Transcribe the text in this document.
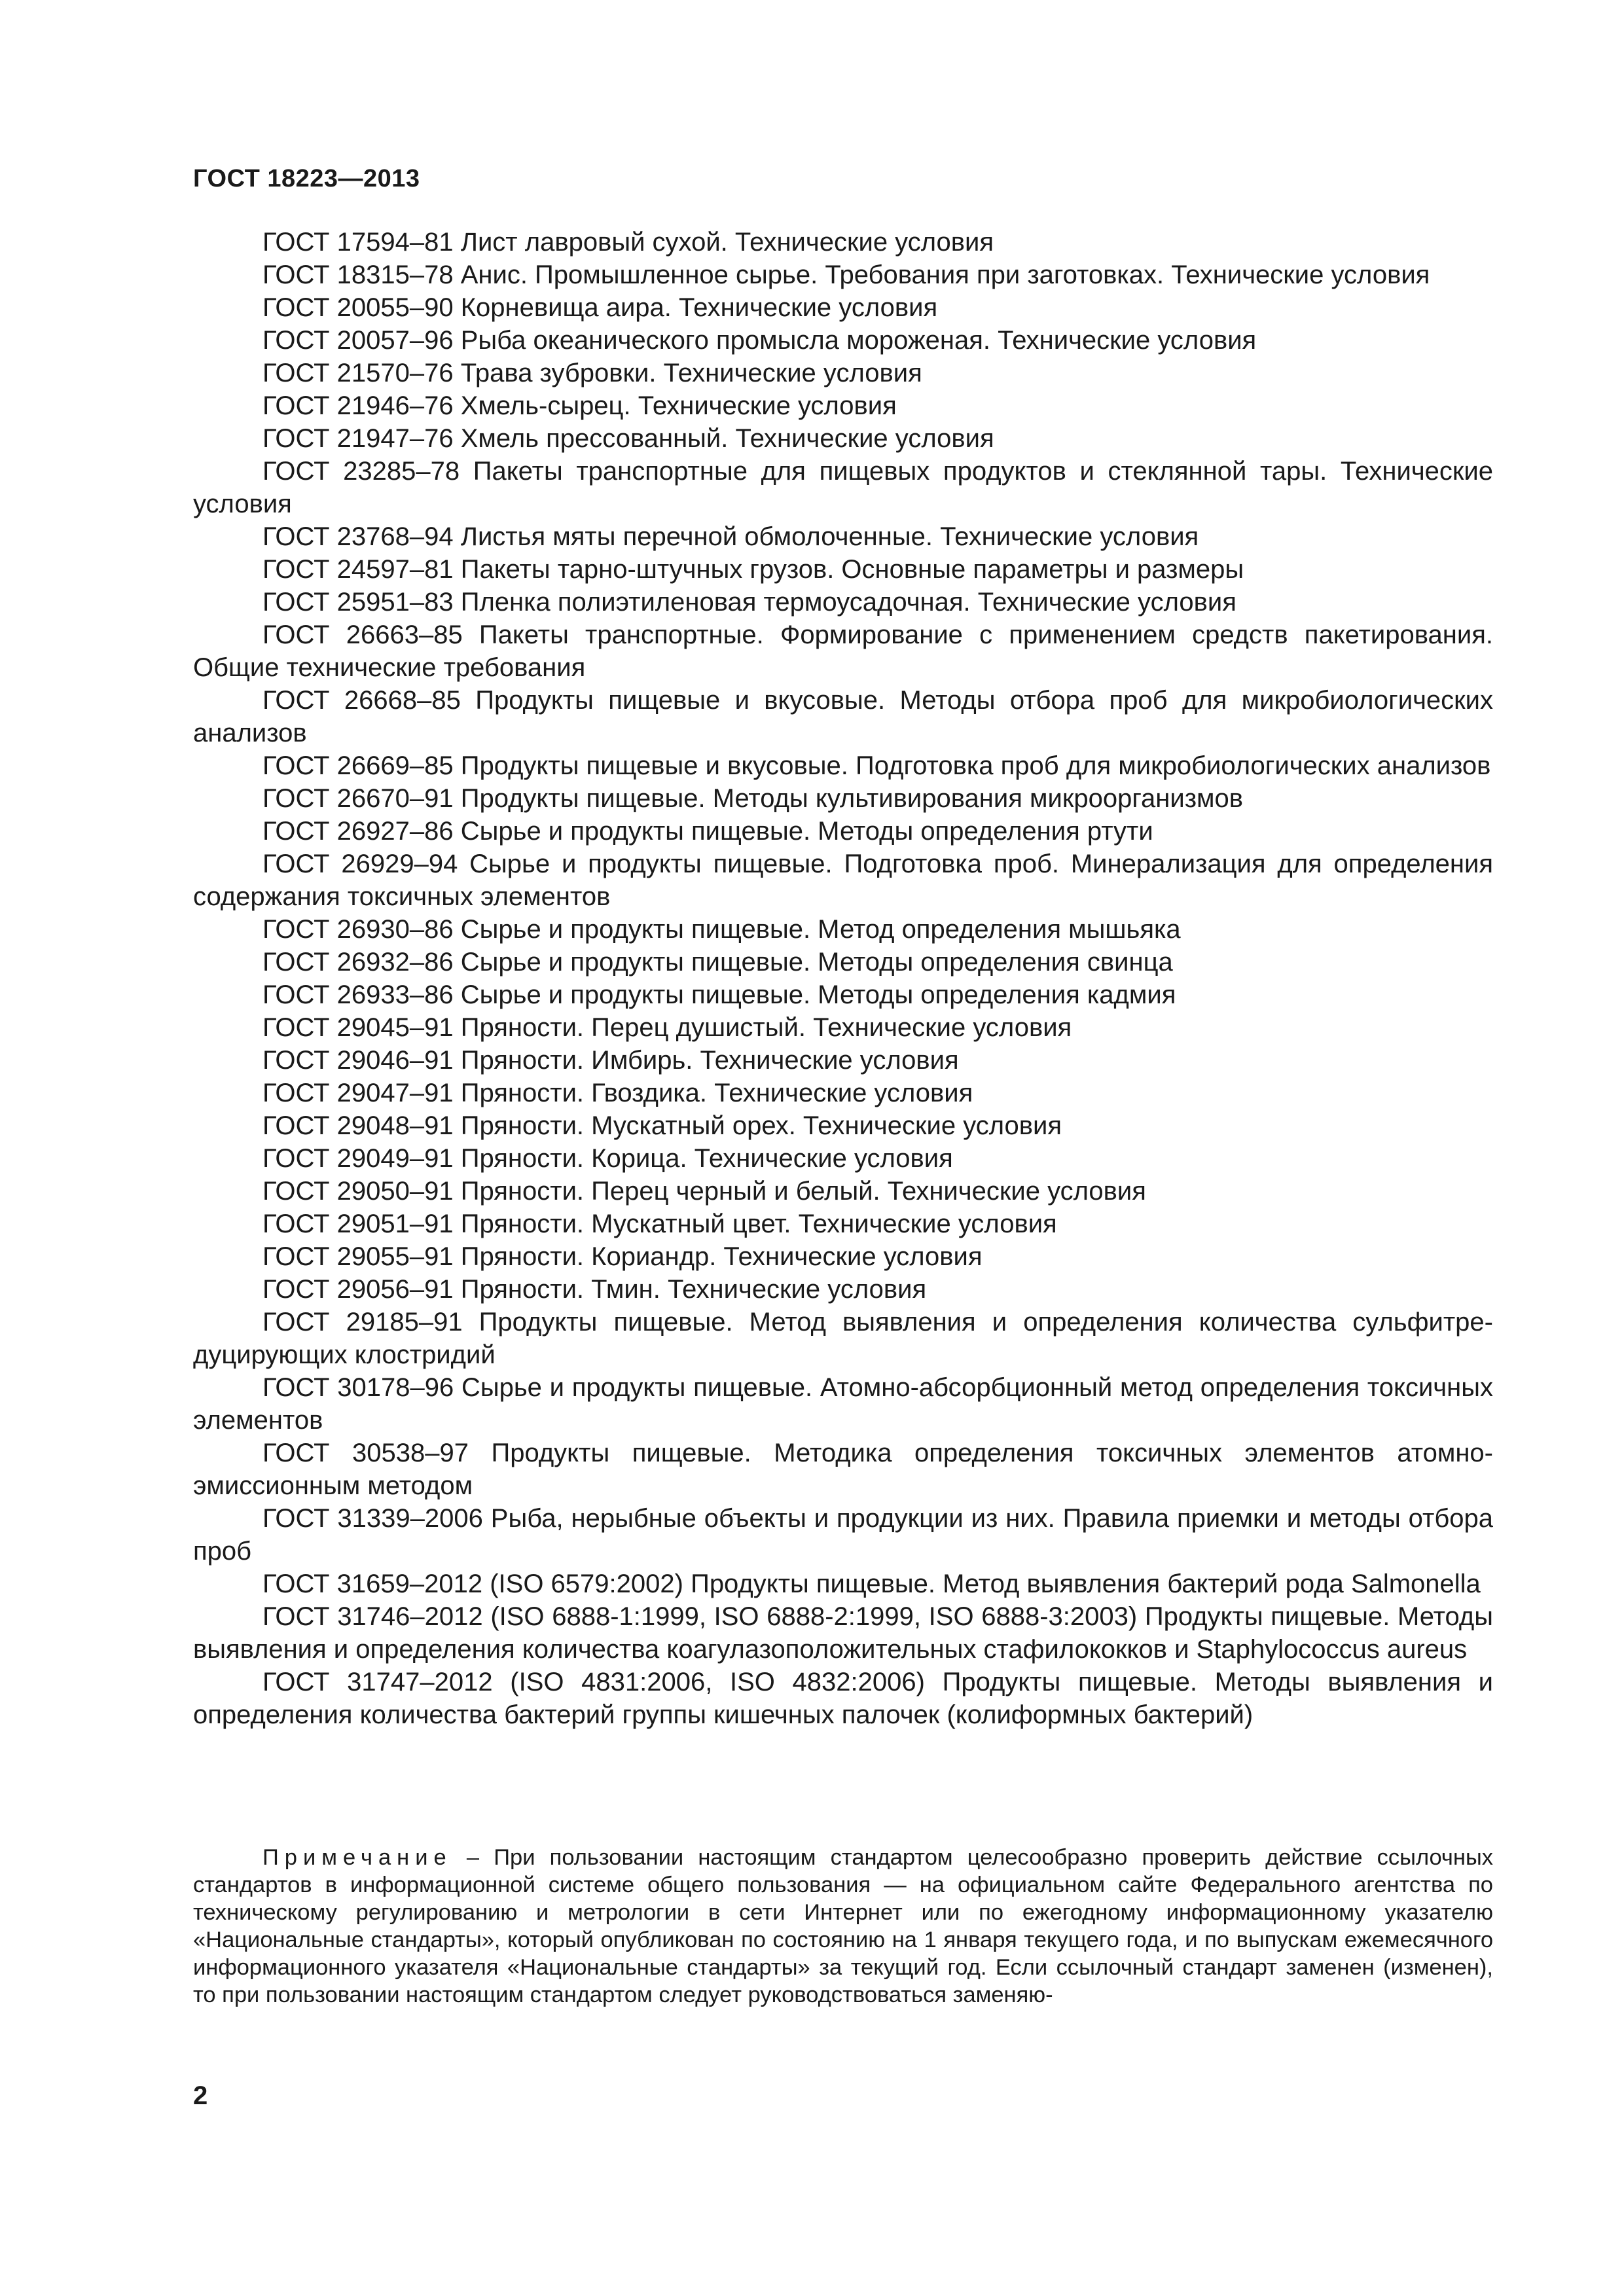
ГОСТ 18223—2013

ГОСТ 17594–81 Лист лавровый сухой. Технические условия

ГОСТ 18315–78 Анис. Промышленное сырье. Требования при заготовках. Технические условия

ГОСТ 20055–90 Корневища аира. Технические условия

ГОСТ 20057–96 Рыба океанического промысла мороженая. Технические условия

ГОСТ 21570–76 Трава зубровки. Технические условия

ГОСТ 21946–76 Хмель-сырец. Технические условия

ГОСТ 21947–76 Хмель прессованный. Технические условия

ГОСТ 23285–78 Пакеты транспортные для пищевых продуктов и стеклянной тары. Технические условия

ГОСТ 23768–94 Листья мяты перечной обмолоченные. Технические условия

ГОСТ 24597–81 Пакеты тарно-штучных грузов. Основные параметры и размеры

ГОСТ 25951–83 Пленка полиэтиленовая термоусадочная. Технические условия

ГОСТ 26663–85 Пакеты транспортные. Формирование с применением средств пакетирования. Общие технические требования

ГОСТ 26668–85 Продукты пищевые и вкусовые. Методы отбора проб для микробиологических анализов

ГОСТ 26669–85 Продукты пищевые и вкусовые. Подготовка проб для микробиологических анализов

ГОСТ 26670–91 Продукты пищевые. Методы культивирования микроорганизмов

ГОСТ 26927–86 Сырье и продукты пищевые. Методы определения ртути

ГОСТ 26929–94 Сырье и продукты пищевые. Подготовка проб. Минерализация для определения содержания токсичных элементов

ГОСТ 26930–86 Сырье и продукты пищевые. Метод определения мышьяка

ГОСТ 26932–86 Сырье и продукты пищевые. Методы определения свинца

ГОСТ 26933–86 Сырье и продукты пищевые. Методы определения кадмия

ГОСТ 29045–91 Пряности. Перец душистый. Технические условия

ГОСТ 29046–91 Пряности. Имбирь. Технические условия

ГОСТ 29047–91 Пряности. Гвоздика. Технические условия

ГОСТ 29048–91 Пряности. Мускатный орех. Технические условия

ГОСТ 29049–91 Пряности. Корица. Технические условия

ГОСТ 29050–91 Пряности. Перец черный и белый. Технические условия

ГОСТ 29051–91 Пряности. Мускатный цвет. Технические условия

ГОСТ 29055–91 Пряности. Кориандр. Технические условия

ГОСТ 29056–91 Пряности. Тмин. Технические условия

ГОСТ 29185–91 Продукты пищевые. Метод выявления и определения количества сульфитредуцирующих клостридий

ГОСТ 30178–96 Сырье и продукты пищевые. Атомно-абсорбционный метод определения токсичных элементов

ГОСТ 30538–97 Продукты пищевые. Методика определения токсичных элементов атомно-эмиссионным методом

ГОСТ 31339–2006 Рыба, нерыбные объекты и продукции из них. Правила приемки и методы отбора проб

ГОСТ 31659–2012 (ISO 6579:2002) Продукты пищевые. Метод выявления бактерий рода Salmonella

ГОСТ 31746–2012 (ISO 6888-1:1999, ISO 6888-2:1999, ISO 6888-3:2003) Продукты пищевые. Методы выявления и определения количества коагулазоположительных стафилококков и Staphylococcus aureus

ГОСТ 31747–2012 (ISO 4831:2006, ISO 4832:2006) Продукты пищевые. Методы выявления и определения количества бактерий группы кишечных палочек (колиформных бактерий)

Примечание – При пользовании настоящим стандартом целесообразно проверить действие ссылочных стандартов в информационной системе общего пользования — на официальном сайте Федерального агентства по техническому регулированию и метрологии в сети Интернет или по ежегодному информационному указателю «Национальные стандарты», который опубликован по состоянию на 1 января текущего года, и по выпускам ежемесячного информационного указателя «Национальные стандарты» за текущий год. Если ссылочный стандарт заменен (изменен), то при пользовании настоящим стандартом следует руководствоваться заменяю-

2
